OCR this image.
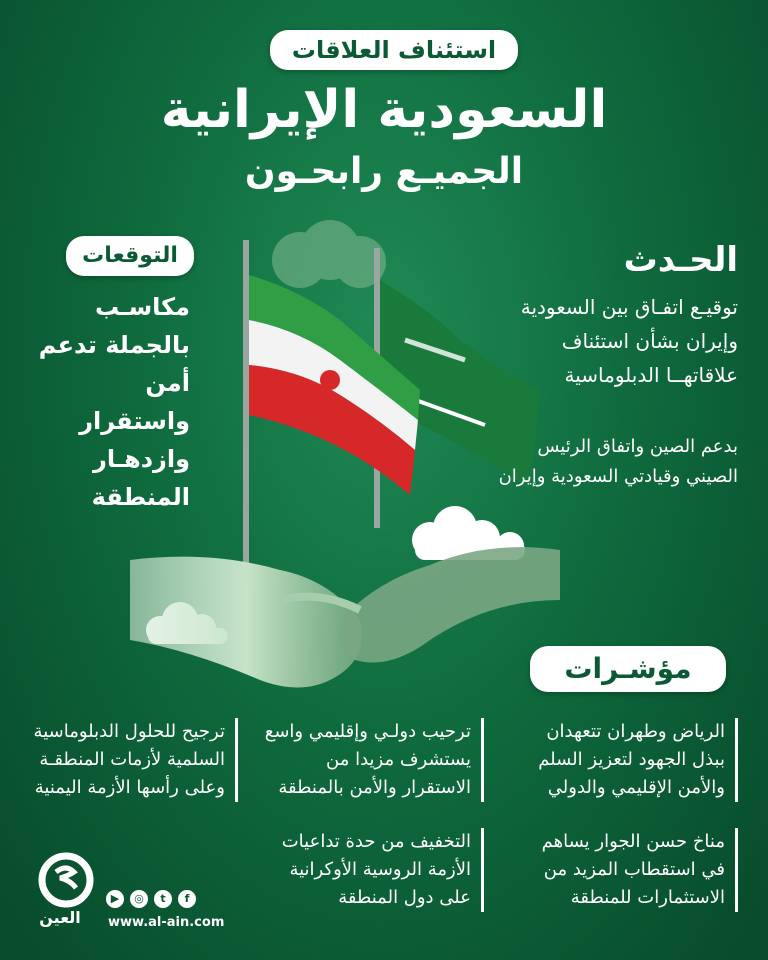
استئناف العلاقات
السعودية الإيرانية
الجميـع رابحـون
الحـدث
توقيـع اتفـاق بين السعودية وإيران بشأن استئناف علاقاتهــا الدبلوماسية
بدعم الصين واتفاق الرئيس الصيني وقيادتي السعودية وإيران
التوقعات
مكاسـب بالجملة تدعم أمن واستقرار وازدهـار المنطقة
مؤشـرات
الرياض وطهران تتعهدان ببذل الجهود لتعزيز السلم والأمن الإقليمي والدولي
ترحيب دولـي وإقليمي واسع يستشرف مزيدا من الاستقرار والأمن بالمنطقة
ترجيح للحلول الدبلوماسية السلمية لأزمات المنطقـة وعلى رأسها الأزمة اليمنية
مناخ حسن الجوار يساهم في استقطاب المزيد من الاستثمارات للمنطقة
التخفيف من حدة تداعيات الأزمة الروسية الأوكرانية على دول المنطقة
العين
▶	◎	t	f
www.al-ain.com
